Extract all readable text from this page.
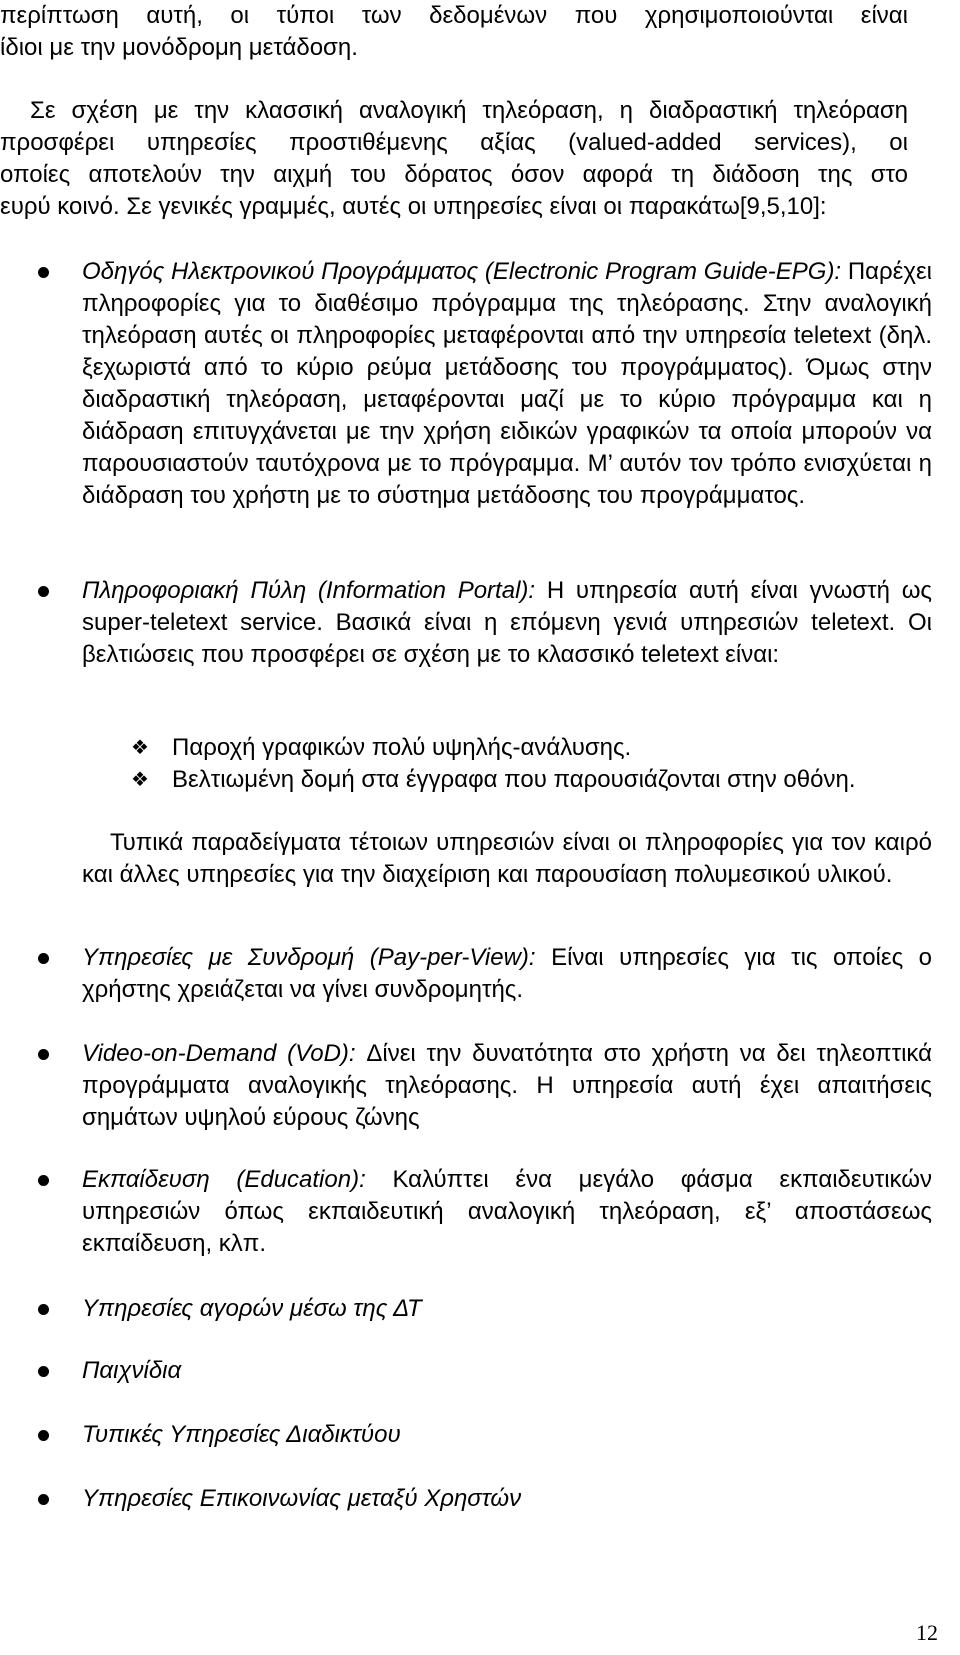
περίπτωση αυτή, οι τύποι των δεδομένων που χρησιμοποιούνται είναι
ίδιοι με την μονόδρομη μετάδοση.
Σε σχέση με την κλασσική αναλογική τηλεόραση, η διαδραστική τηλεόραση
προσφέρει υπηρεσίες προστιθέμενης αξίας (valued-added services), οι
οποίες αποτελούν την αιχμή του δόρατος όσον αφορά τη διάδοση της στο
ευρύ κοινό. Σε γενικές γραμμές, αυτές οι υπηρεσίες είναι οι παρακάτω[9,5,10]:
Οδηγός Ηλεκτρονικού Προγράμματος (Electronic Program Guide-EPG): Παρέχει πληροφορίες για το διαθέσιμο πρόγραμμα της τηλεόρασης. Στην αναλογική τηλεόραση αυτές οι πληροφορίες μεταφέρονται από την υπηρεσία teletext (δηλ. ξεχωριστά από το κύριο ρεύμα μετάδοσης του προγράμματος). Όμως στην διαδραστική τηλεόραση, μεταφέρονται μαζί με το κύριο πρόγραμμα και η διάδραση επιτυγχάνεται με την χρήση ειδικών γραφικών τα οποία μπορούν να παρουσιαστούν ταυτόχρονα με το πρόγραμμα. Μ’ αυτόν τον τρόπο ενισχύεται η διάδραση του χρήστη με το σύστημα μετάδοσης του προγράμματος.
Πληροφοριακή Πύλη (Information Portal): Η υπηρεσία αυτή είναι γνωστή ως super-teletext service. Βασικά είναι η επόμενη γενιά υπηρεσιών teletext. Οι βελτιώσεις που προσφέρει σε σχέση με το κλασσικό teletext είναι:
❖ Παροχή γραφικών πολύ υψηλής-ανάλυσης.
❖ Βελτιωμένη δομή στα έγγραφα που παρουσιάζονται στην οθόνη.
Τυπικά παραδείγματα τέτοιων υπηρεσιών είναι οι πληροφορίες για τον καιρό και άλλες υπηρεσίες για την διαχείριση και παρουσίαση πολυμεσικού υλικού.
Υπηρεσίες με Συνδρομή (Pay-per-View): Είναι υπηρεσίες για τις οποίες ο χρήστης χρειάζεται να γίνει συνδρομητής.
Video-on-Demand (VoD): Δίνει την δυνατότητα στο χρήστη να δει τηλεοπτικά προγράμματα αναλογικής τηλεόρασης. Η υπηρεσία αυτή έχει απαιτήσεις σημάτων υψηλού εύρους ζώνης
Εκπαίδευση (Education): Καλύπτει ένα μεγάλο φάσμα εκπαιδευτικών υπηρεσιών όπως εκπαιδευτική αναλογική τηλεόραση, εξ’ αποστάσεως εκπαίδευση, κλπ.
Υπηρεσίες αγορών μέσω της ΔΤ
Παιχνίδια
Τυπικές Υπηρεσίες Διαδικτύου
Υπηρεσίες Επικοινωνίας μεταξύ Χρηστών
12
